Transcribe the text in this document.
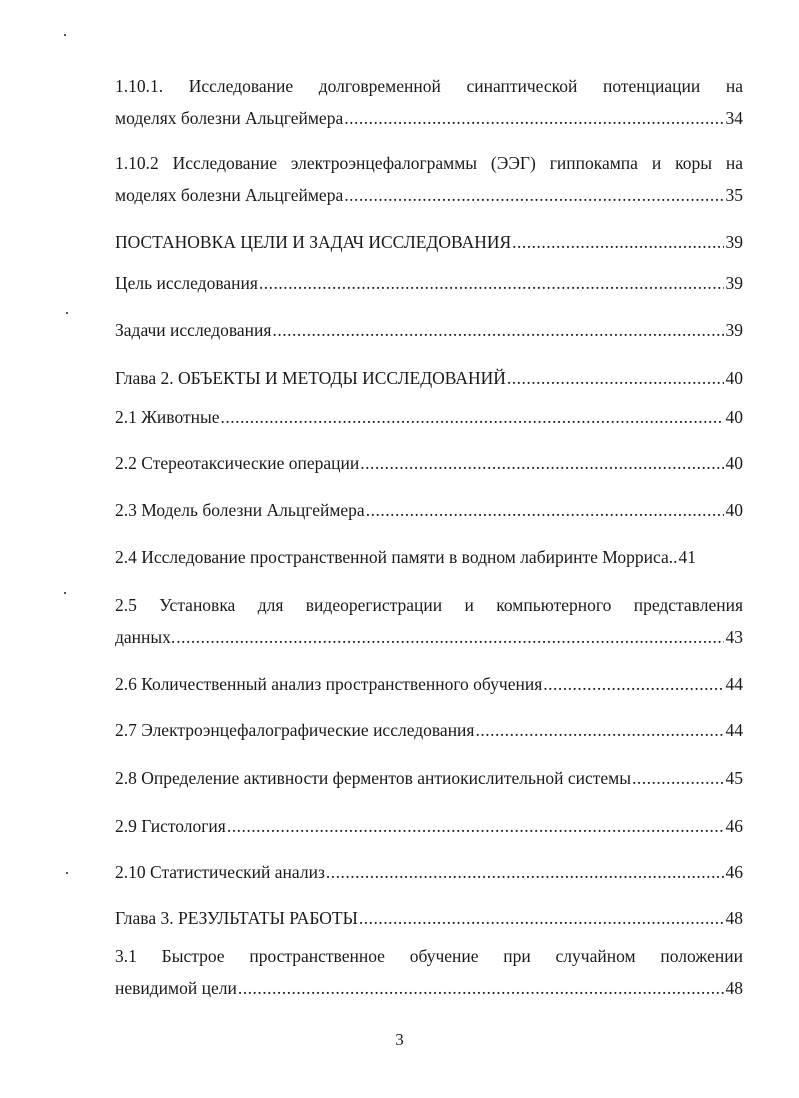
1.10.1. Исследование долговременной синаптической потенциации на
моделях болезни Альцгеймера .....	34
1.10.2 Исследование электроэнцефалограммы (ЭЭГ) гиппокампа и коры на
моделях болезни Альцгеймера .....	35
ПОСТАНОВКА ЦЕЛИ И ЗАДАЧ ИССЛЕДОВАНИЯ .....	39
Цель исследования .....	39
Задачи исследования .....	39
Глава 2. ОБЪЕКТЫ И МЕТОДЫ ИССЛЕДОВАНИЙ .....	40
2.1 Животные .....	40
2.2 Стереотаксические операции .....	40
2.3 Модель болезни Альцгеймера .....	40
2.4 Исследование пространственной памяти в водном лабиринте Морриса.. 41
2.5 Установка для видеорегистрации и компьютерного представления
данных. .....	43
2.6 Количественный анализ пространственного обучения .....	44
2.7 Электроэнцефалографические исследования .....	44
2.8 Определение активности ферментов антиокислительной системы .....	45
2.9 Гистология .....	46
2.10 Статистический анализ .....	46
Глава 3. РЕЗУЛЬТАТЫ РАБОТЫ .....	48
3.1 Быстрое пространственное обучение при случайном положении
невидимой цели .....	48
3
